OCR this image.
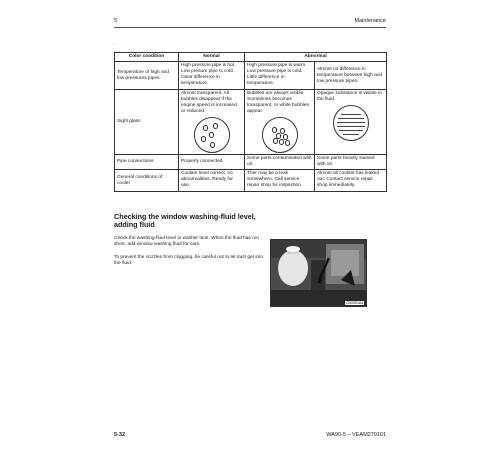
5	Maintenance
.
Color condition	Normal	Abnormal	
Temperature of high and low pressures pipes	High pressure pipe is hot. Low presure pipe is cold. Clear difference in temperature.	High pressure pipe is warm. Low pressure pipe is cold. Little difference in temperature.	Almost no difference in temperature between high and low pressure pipes.
Sight glass	Almost transparent. All bubbles disappear if the engine speed is increased or reduced.	Bubbles are always visible. Sometimes becomes transparent, or white bubbles appear.	Opaque substance is visible in the fluid.

Pipe connections	Properly connected.	Some parts contaminated with oil.	Some parts heavily stained with oil.
General conditions of cooler	Coolant level correct, no abnormalities. Ready for use.	Ther may be a leak somewhere. Call service repair shop for inspection.	Almost all coolant has leaked out. Contact service repair shop immediately.
Checking the window washing-fluid level, adding fluid
Check the washing-fluid level in washer tank. When the fluid has run short, add window washing fluid for cars.
To prevent the nozzles from clogging, be careful not to let dust get into the fluid.
G0005184
5-32	WA90-5 – VEAM270101
